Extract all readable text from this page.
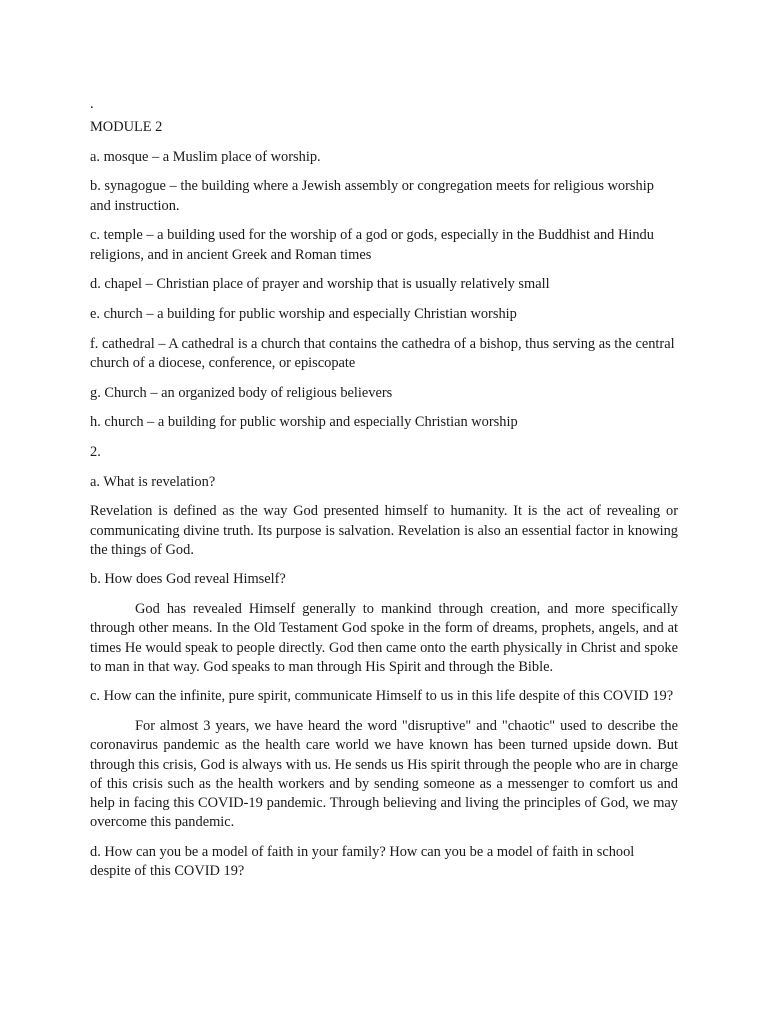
.

MODULE 2

a. mosque – a Muslim place of worship.

b. synagogue – the building where a Jewish assembly or congregation meets for religious worship and instruction.

c. temple – a building used for the worship of a god or gods, especially in the Buddhist and Hindu religions, and in ancient Greek and Roman times

d. chapel – Christian place of prayer and worship that is usually relatively small

e. church – a building for public worship and especially Christian worship

f. cathedral – A cathedral is a church that contains the cathedra of a bishop, thus serving as the central church of a diocese, conference, or episcopate

g. Church – an organized body of religious believers

h. church – a building for public worship and especially Christian worship

2.

a. What is revelation?

Revelation is defined as the way God presented himself to humanity. It is the act of revealing or communicating divine truth. Its purpose is salvation. Revelation is also an essential factor in knowing the things of God.

b. How does God reveal Himself?

God has revealed Himself generally to mankind through creation, and more specifically through other means. In the Old Testament God spoke in the form of dreams, prophets, angels, and at times He would speak to people directly. God then came onto the earth physically in Christ and spoke to man in that way. God speaks to man through His Spirit and through the Bible.

c. How can the infinite, pure spirit, communicate Himself to us in this life despite of this COVID 19?

For almost 3 years, we have heard the word "disruptive" and "chaotic" used to describe the coronavirus pandemic as the health care world we have known has been turned upside down. But through this crisis, God is always with us. He sends us His spirit through the people who are in charge of this crisis such as the health workers and by sending someone as a messenger to comfort us and help in facing this COVID-19 pandemic. Through believing and living the principles of God, we may overcome this pandemic.

d. How can you be a model of faith in your family? How can you be a model of faith in school despite of this COVID 19?
